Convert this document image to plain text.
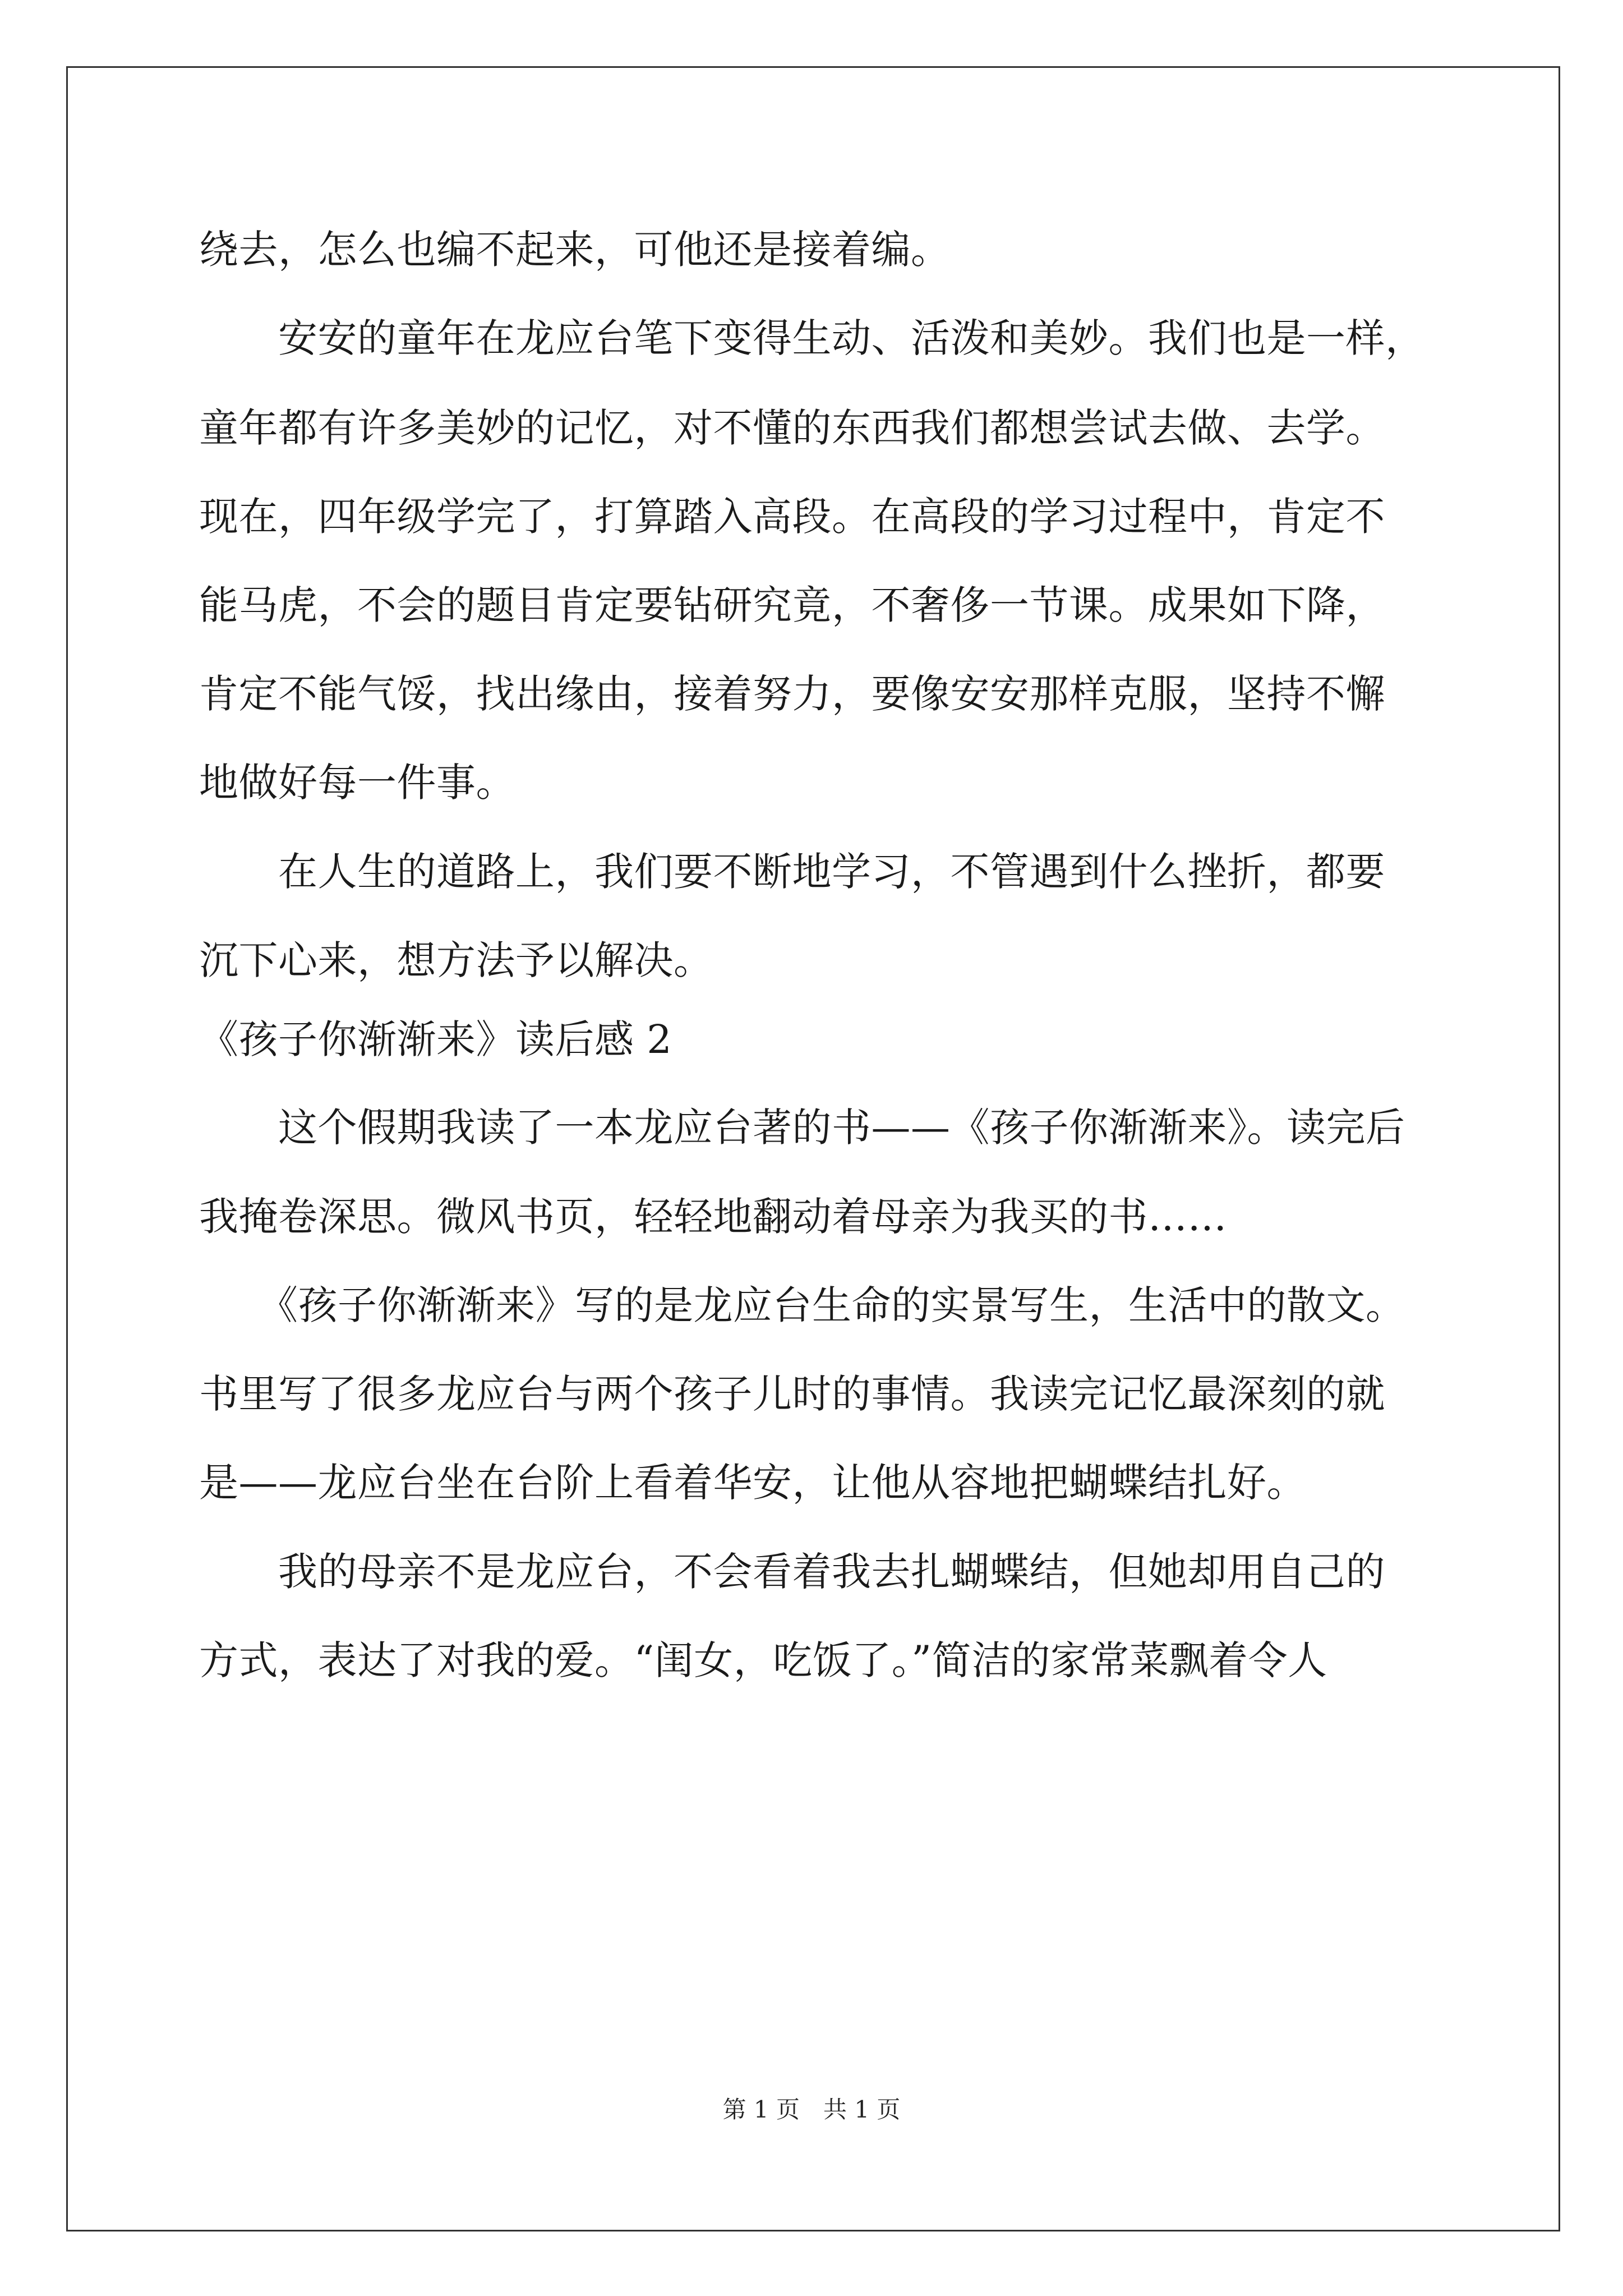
绕去，怎么也编不起来，可他还是接着编。
　　安安的童年在龙应台笔下变得生动、活泼和美妙。我们也是一样，
童年都有许多美妙的记忆，对不懂的东西我们都想尝试去做、去学。
现在，四年级学完了，打算踏入高段。在高段的学习过程中，肯定不
能马虎，不会的题目肯定要钻研究竟，不奢侈一节课。成果如下降，
肯定不能气馁，找出缘由，接着努力，要像安安那样克服，坚持不懈
地做好每一件事。
　　在人生的道路上，我们要不断地学习，不管遇到什么挫折，都要
沉下心来，想方法予以解决。
《孩子你渐渐来》读后感 2
　　这个假期我读了一本龙应台著的书——《孩子你渐渐来》。读完后
我掩卷深思。微风书页，轻轻地翻动着母亲为我买的书……
　　《孩子你渐渐来》写的是龙应台生命的实景写生，生活中的散文。
书里写了很多龙应台与两个孩子儿时的事情。我读完记忆最深刻的就
是——龙应台坐在台阶上看着华安，让他从容地把蝴蝶结扎好。
　　我的母亲不是龙应台，不会看着我去扎蝴蝶结，但她却用自己的
方式，表达了对我的爱。“闺女，吃饭了。”简洁的家常菜飘着令人
第 1 页　共 1 页
